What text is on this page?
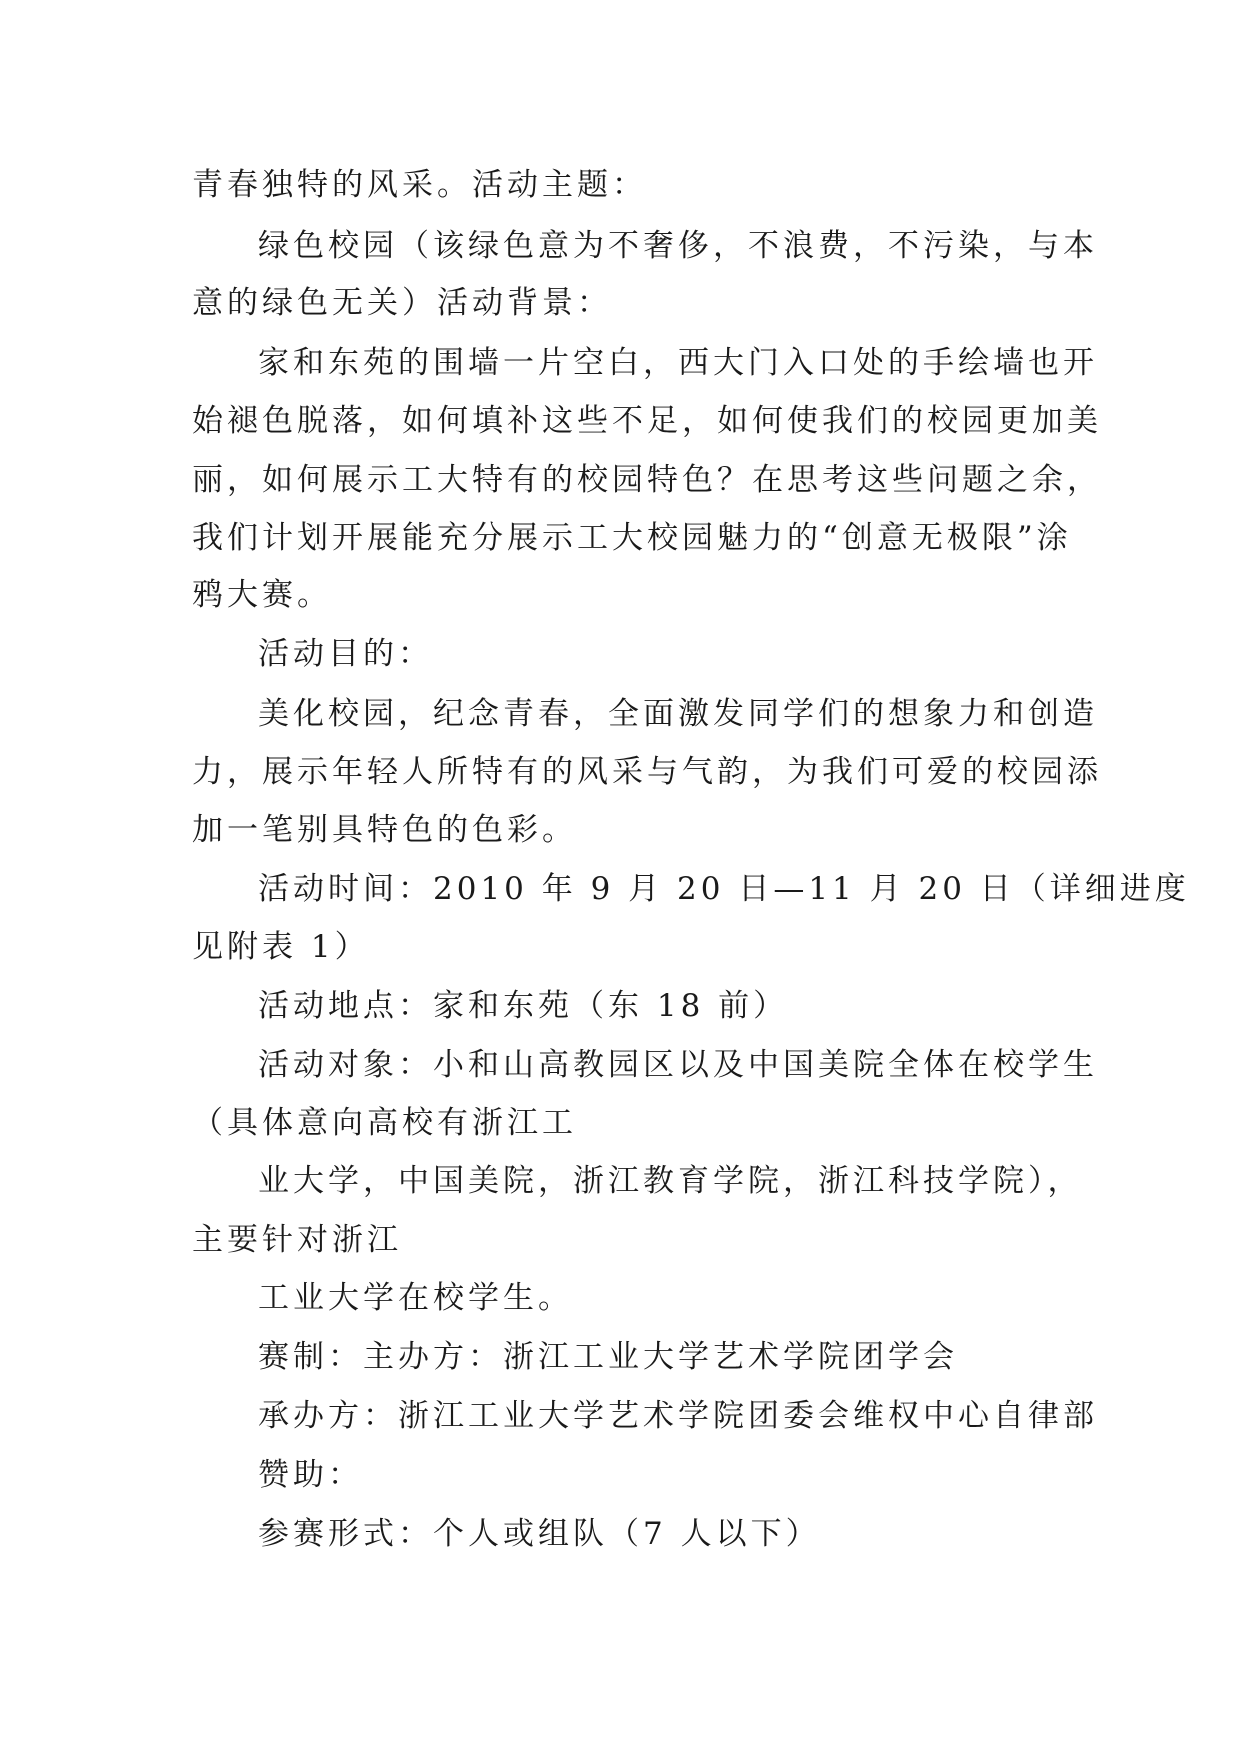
青春独特的风采。活动主题：
绿色校园（该绿色意为不奢侈，不浪费，不污染，与本
意的绿色无关）活动背景：
家和东苑的围墙一片空白，西大门入口处的手绘墙也开
始褪色脱落，如何填补这些不足，如何使我们的校园更加美
丽，如何展示工大特有的校园特色？在思考这些问题之余，
我们计划开展能充分展示工大校园魅力的“创意无极限”涂
鸦大赛。
活动目的：
美化校园，纪念青春，全面激发同学们的想象力和创造
力，展示年轻人所特有的风采与气韵，为我们可爱的校园添
加一笔别具特色的色彩。
活动时间：2010 年 9 月 20 日—11 月 20 日（详细进度
见附表 1）
活动地点：家和东苑（东 18 前）
活动对象：小和山高教园区以及中国美院全体在校学生
（具体意向高校有浙江工
业大学，中国美院，浙江教育学院，浙江科技学院），
主要针对浙江
工业大学在校学生。
赛制：主办方：浙江工业大学艺术学院团学会
承办方：浙江工业大学艺术学院团委会维权中心自律部
赞助：
参赛形式：个人或组队（7 人以下）
